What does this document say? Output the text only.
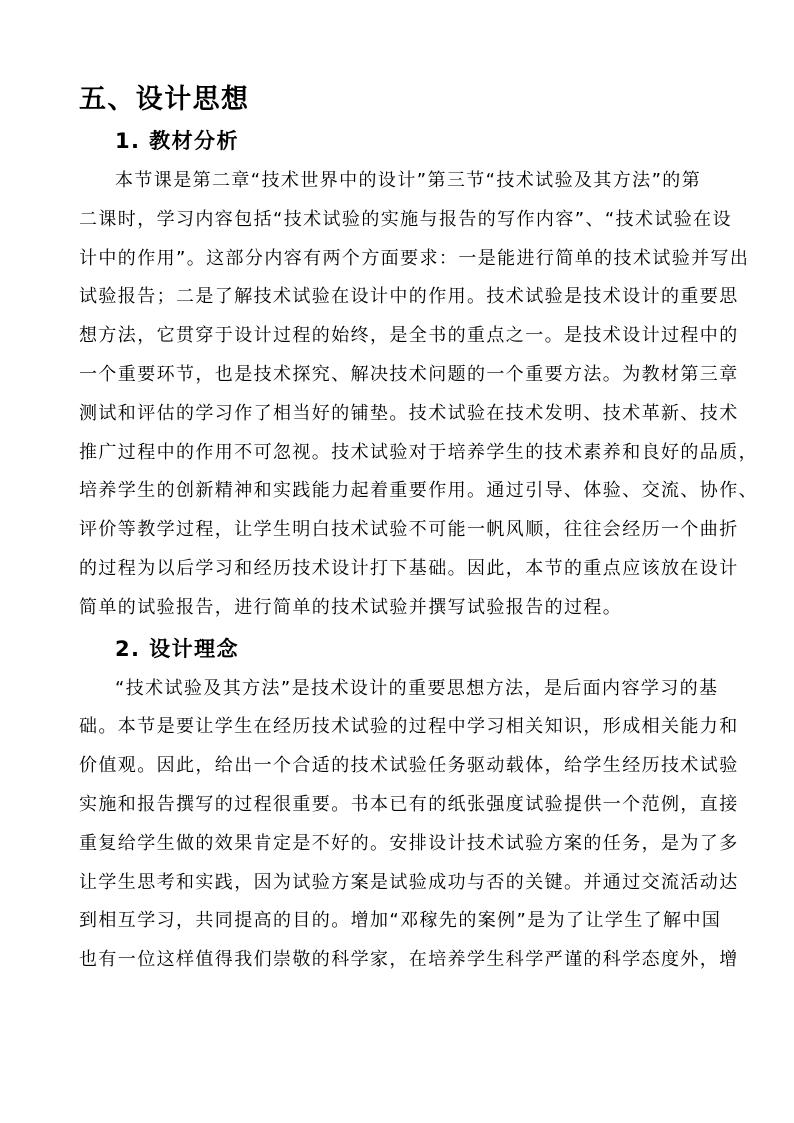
五、设计思想
1. 教材分析
本节课是第二章“技术世界中的设计”第三节“技术试验及其方法”的第
二课时，学习内容包括“技术试验的实施与报告的写作内容”、“技术试验在设
计中的作用”。这部分内容有两个方面要求：一是能进行简单的技术试验并写出
试验报告；二是了解技术试验在设计中的作用。技术试验是技术设计的重要思
想方法，它贯穿于设计过程的始终，是全书的重点之一。是技术设计过程中的
一个重要环节，也是技术探究、解决技术问题的一个重要方法。为教材第三章
测试和评估的学习作了相当好的铺垫。技术试验在技术发明、技术革新、技术
推广过程中的作用不可忽视。技术试验对于培养学生的技术素养和良好的品质，
培养学生的创新精神和实践能力起着重要作用。通过引导、体验、交流、协作、
评价等教学过程，让学生明白技术试验不可能一帆风顺，往往会经历一个曲折
的过程为以后学习和经历技术设计打下基础。因此，本节的重点应该放在设计
简单的试验报告，进行简单的技术试验并撰写试验报告的过程。
2. 设计理念
“技术试验及其方法”是技术设计的重要思想方法，是后面内容学习的基
础。本节是要让学生在经历技术试验的过程中学习相关知识，形成相关能力和
价值观。因此，给出一个合适的技术试验任务驱动载体，给学生经历技术试验
实施和报告撰写的过程很重要。书本已有的纸张强度试验提供一个范例，直接
重复给学生做的效果肯定是不好的。安排设计技术试验方案的任务，是为了多
让学生思考和实践，因为试验方案是试验成功与否的关键。并通过交流活动达
到相互学习，共同提高的目的。增加“邓稼先的案例”是为了让学生了解中国
也有一位这样值得我们崇敬的科学家，在培养学生科学严谨的科学态度外，增
